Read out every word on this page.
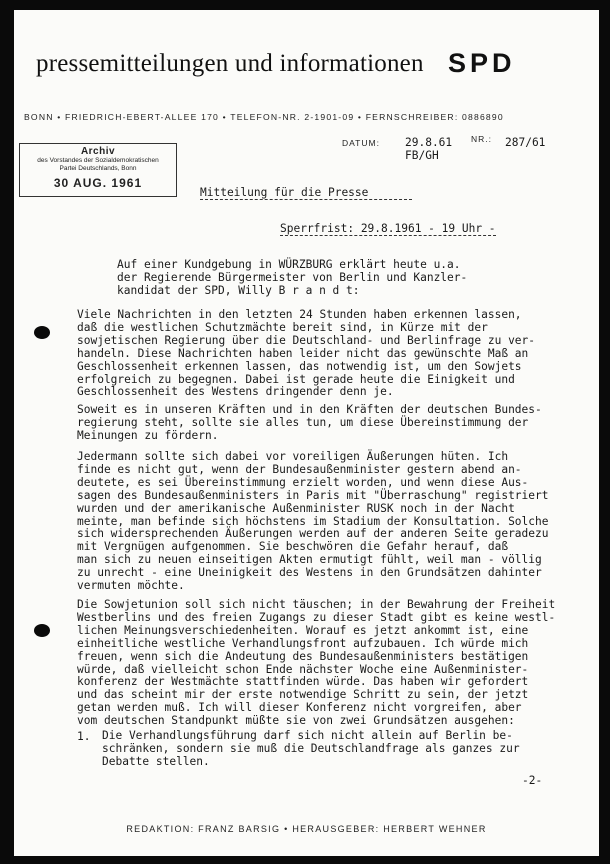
pressemitteilungen und informationen SPD
BONN • FRIEDRICH-EBERT-ALLEE 170 • TELEFON-NR. 2-1901-09 • FERNSCHREIBER: 0886890
Archiv
des Vorstandes der Sozialdemokratischen
Partei Deutschlands, Bonn
30 AUG. 1961
DATUM: 29.8.61
FB/GH
NR.: 287/61
Mitteilung für die Presse
Sperrfrist: 29.8.1961 - 19 Uhr -

Auf einer Kundgebung in WÜRZBURG erklärt heute u.a.

der Regierende Bürgermeister von Berlin und Kanzler-

kandidat der SPD, Willy B r a n d t:

Viele Nachrichten in den letzten 24 Stunden haben erkennen lassen,

daß die westlichen Schutzmächte bereit sind, in Kürze mit der

sowjetischen Regierung über die Deutschland- und Berlinfrage zu ver-

handeln. Diese Nachrichten haben leider nicht das gewünschte Maß an

Geschlossenheit erkennen lassen, das notwendig ist, um den Sowjets

erfolgreich zu begegnen. Dabei ist gerade heute die Einigkeit und

Geschlossenheit des Westens dringender denn je.

Soweit es in unseren Kräften und in den Kräften der deutschen Bundes-

regierung steht, sollte sie alles tun, um diese Übereinstimmung der

Meinungen zu fördern.

Jedermann sollte sich dabei vor voreiligen Äußerungen hüten. Ich

finde es nicht gut, wenn der Bundesaußenminister gestern abend an-

deutete, es sei Übereinstimmung erzielt worden, und wenn diese Aus-

sagen des Bundesaußenministers in Paris mit "Überraschung" registriert

wurden und der amerikanische Außenminister RUSK noch in der Nacht

meinte, man befinde sich höchstens im Stadium der Konsultation. Solche

sich widersprechenden Äußerungen werden auf der anderen Seite geradezu

mit Vergnügen aufgenommen. Sie beschwören die Gefahr herauf, daß

man sich zu neuen einseitigen Akten ermutigt fühlt, weil man - völlig

zu unrecht - eine Uneinigkeit des Westens in den Grundsätzen dahinter

vermuten möchte.

Die Sowjetunion soll sich nicht täuschen; in der Bewahrung der Freiheit

Westberlins und des freien Zugangs zu dieser Stadt gibt es keine westl-

lichen Meinungsverschiedenheiten. Worauf es jetzt ankommt ist, eine

einheitliche westliche Verhandlungsfront aufzubauen. Ich würde mich

freuen, wenn sich die Andeutung des Bundesaußenministers bestätigen

würde, daß vielleicht schon Ende nächster Woche eine Außenminister-

konferenz der Westmächte stattfinden würde. Das haben wir gefordert

und das scheint mir der erste notwendige Schritt zu sein, der jetzt

getan werden muß. Ich will dieser Konferenz nicht vorgreifen, aber

vom deutschen Standpunkt müßte sie von zwei Grundsätzen ausgehen:

1. Die Verhandlungsführung darf sich nicht allein auf Berlin be-

schränken, sondern sie muß die Deutschlandfrage als ganzes zur

Debatte stellen.

-2-
REDAKTION: FRANZ BARSIG • HERAUSGEBER: HERBERT WEHNER
